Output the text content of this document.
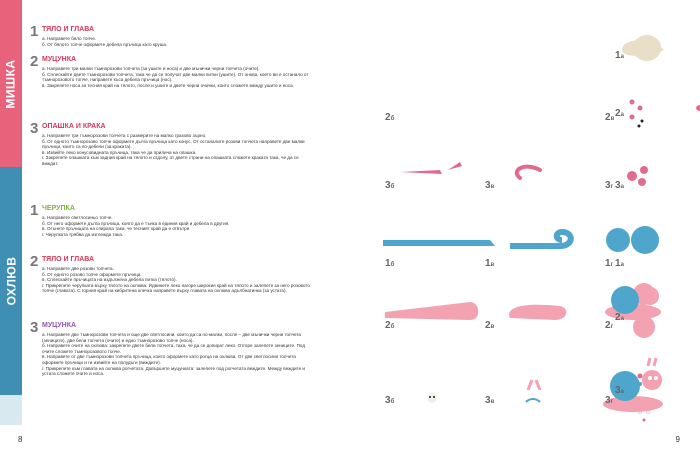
МИШКА
ОХЛЮВ
1 ТЯЛО И ГЛАВА
а. Направете бяло топче.
б. От бялото топче оформете дебела пръчица като круша.
2 МУЦУНКА
а. Направете три малки тъмнорозови топчета (за ушите и носа) и две мънички черни топчета (очите).
б. Сплескайте двете тъмнорозови топчета, така че да се получат две малки питки (ушите). От онова, което ви е останало от тъмнорозовото топче, направете къса дебела пръчица (нос).
в. Закрепете носа за тесния край на тялото, после и ушите и двете черни очички, които сложете между ушите и носа.
3 ОПАШКА И КРАКА
а. Направете три тъмнорозови топчета с размерите на малко грахово зърно.
б. От едното тъмнорозово топче оформете дълга пръчица като конус. От останалите розови топчета направете две малки пръчици, които са по-дебели (за краката).
в. Извийте леко конусовидната пръчица, така че да прилича на опашка.
г. Закрепете опашката към задния край на тялото и отдолу, от двете страни на опашката сложете краката така, че да се виждат.
1 ЧЕРУПКА
а. Направете светлосиньо топче.
б. От него оформете дълга пръчица, която да е тънка в единия край и дебела в другия.
в. Огънете пръчицата на спирала така, че тесният край да е отвътре.
г. Черупката трябва да изглежда така.
2 ТЯЛО И ГЛАВА
а. Направете две розови топчета.
б. От едното розово топче оформете пръчица.
в. Сплескайте пръчицата на издължена дебела питка (тялото).
г. Прикрепете черупката върху тялото на охлюва. Ѝдвинете леко нагоре широкия край на тялото и залепете за него розовото топче (главата). С горния край на кибритена клечка направете върху главата на охлюва адълбнатинка (за устата).
3 МУЦУНКА
а. Направете две тъмнорозови топчета и още две светлосини, които да са по-малки, после – две мънички черни топчета (зениците), две бели топчета (очите) и едно тъмнорозово топче (носа).
б. Направете очите на охлюва: закрепете двете бели топчета, така, че да се допират леко. Отгоре залепете зениците. Под очите сложете тъмнорозовото топче.
в. Направете от две тъмнорозови топчета пръчица, които оформете като рогца на охлюва. От две светлосини топчета оформете пръчици и ги извийте на полудъги (веждите).
г. Прикрепете към главата на охлюва рогчетата. Довършете муцунката: залепете под рогчетата веждите. Между веждите и устата сложете очите и носа.
8
1а
2а
2б	2в
3а
3б	3в	3г
1а
1б	1в	1г
2а
2б	2в	2г
3а
3б	3в	3г
9
